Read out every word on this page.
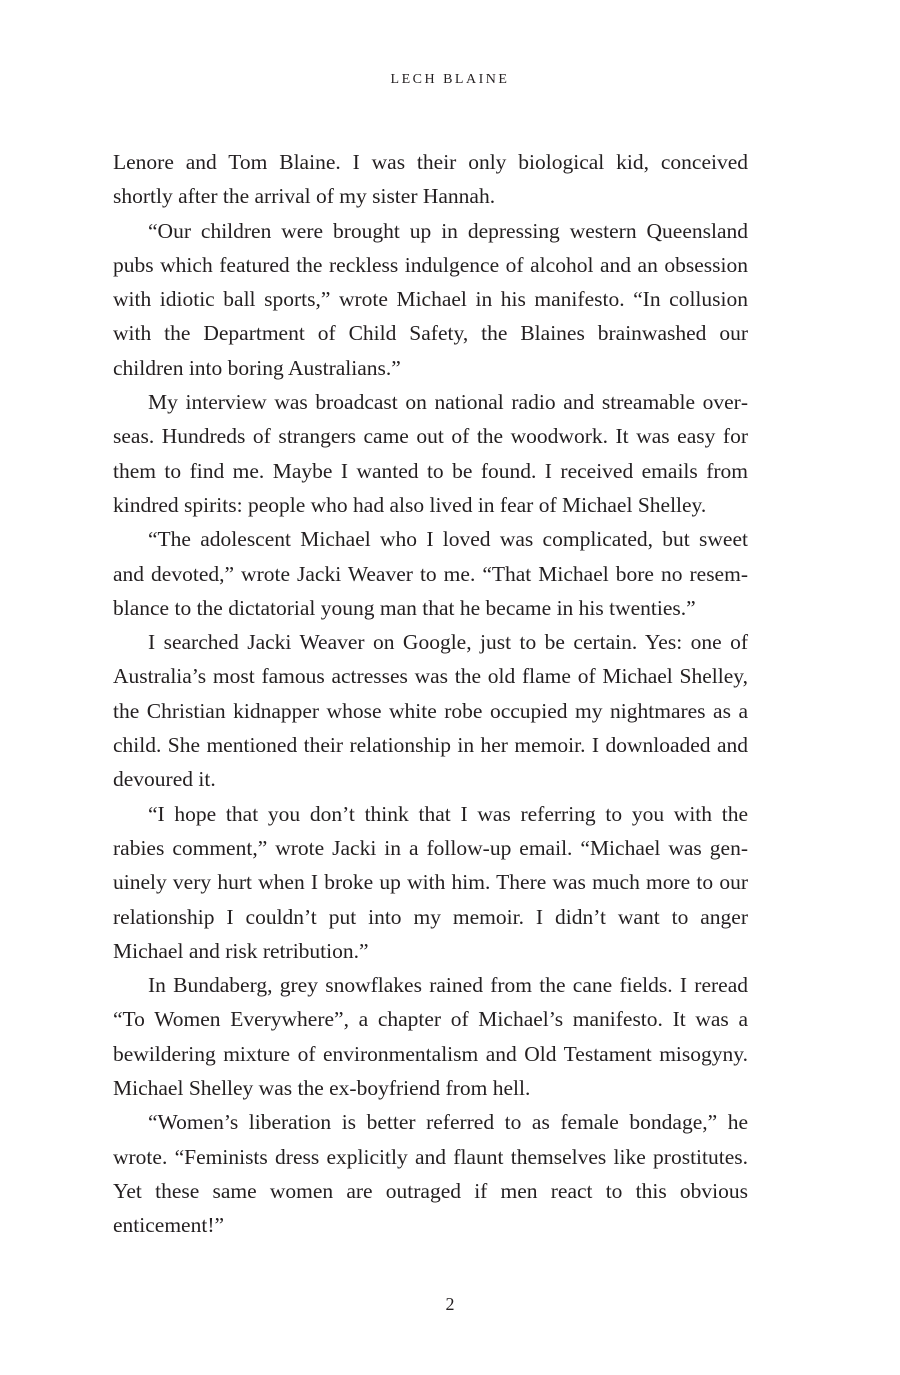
LECH BLAINE

Lenore and Tom Blaine. I was their only biological kid, conceived shortly after the arrival of my sister Hannah.

“Our children were brought up in depressing western Queensland pubs which featured the reckless indulgence of alcohol and an obsession with idiotic ball sports,” wrote Michael in his manifesto. “In collusion with the Department of Child Safety, the Blaines brainwashed our children into boring Australians.”

My interview was broadcast on national radio and streamable overseas. Hundreds of strangers came out of the woodwork. It was easy for them to find me. Maybe I wanted to be found. I received emails from kindred spirits: people who had also lived in fear of Michael Shelley.

“The adolescent Michael who I loved was complicated, but sweet and devoted,” wrote Jacki Weaver to me. “That Michael bore no resemblance to the dictatorial young man that he became in his twenties.”

I searched Jacki Weaver on Google, just to be certain. Yes: one of Australia’s most famous actresses was the old flame of Michael Shelley, the Christian kidnapper whose white robe occupied my nightmares as a child. She mentioned their relationship in her memoir. I downloaded and devoured it.

“I hope that you don’t think that I was referring to you with the rabies comment,” wrote Jacki in a follow-up email. “Michael was genuinely very hurt when I broke up with him. There was much more to our relationship I couldn’t put into my memoir. I didn’t want to anger Michael and risk retribution.”

In Bundaberg, grey snowflakes rained from the cane fields. I reread “To Women Everywhere”, a chapter of Michael’s manifesto. It was a bewildering mixture of environmentalism and Old Testament misogyny. Michael Shelley was the ex-boyfriend from hell.

“Women’s liberation is better referred to as female bondage,” he wrote. “Feminists dress explicitly and flaunt themselves like prostitutes. Yet these same women are outraged if men react to this obvious enticement!”

2
